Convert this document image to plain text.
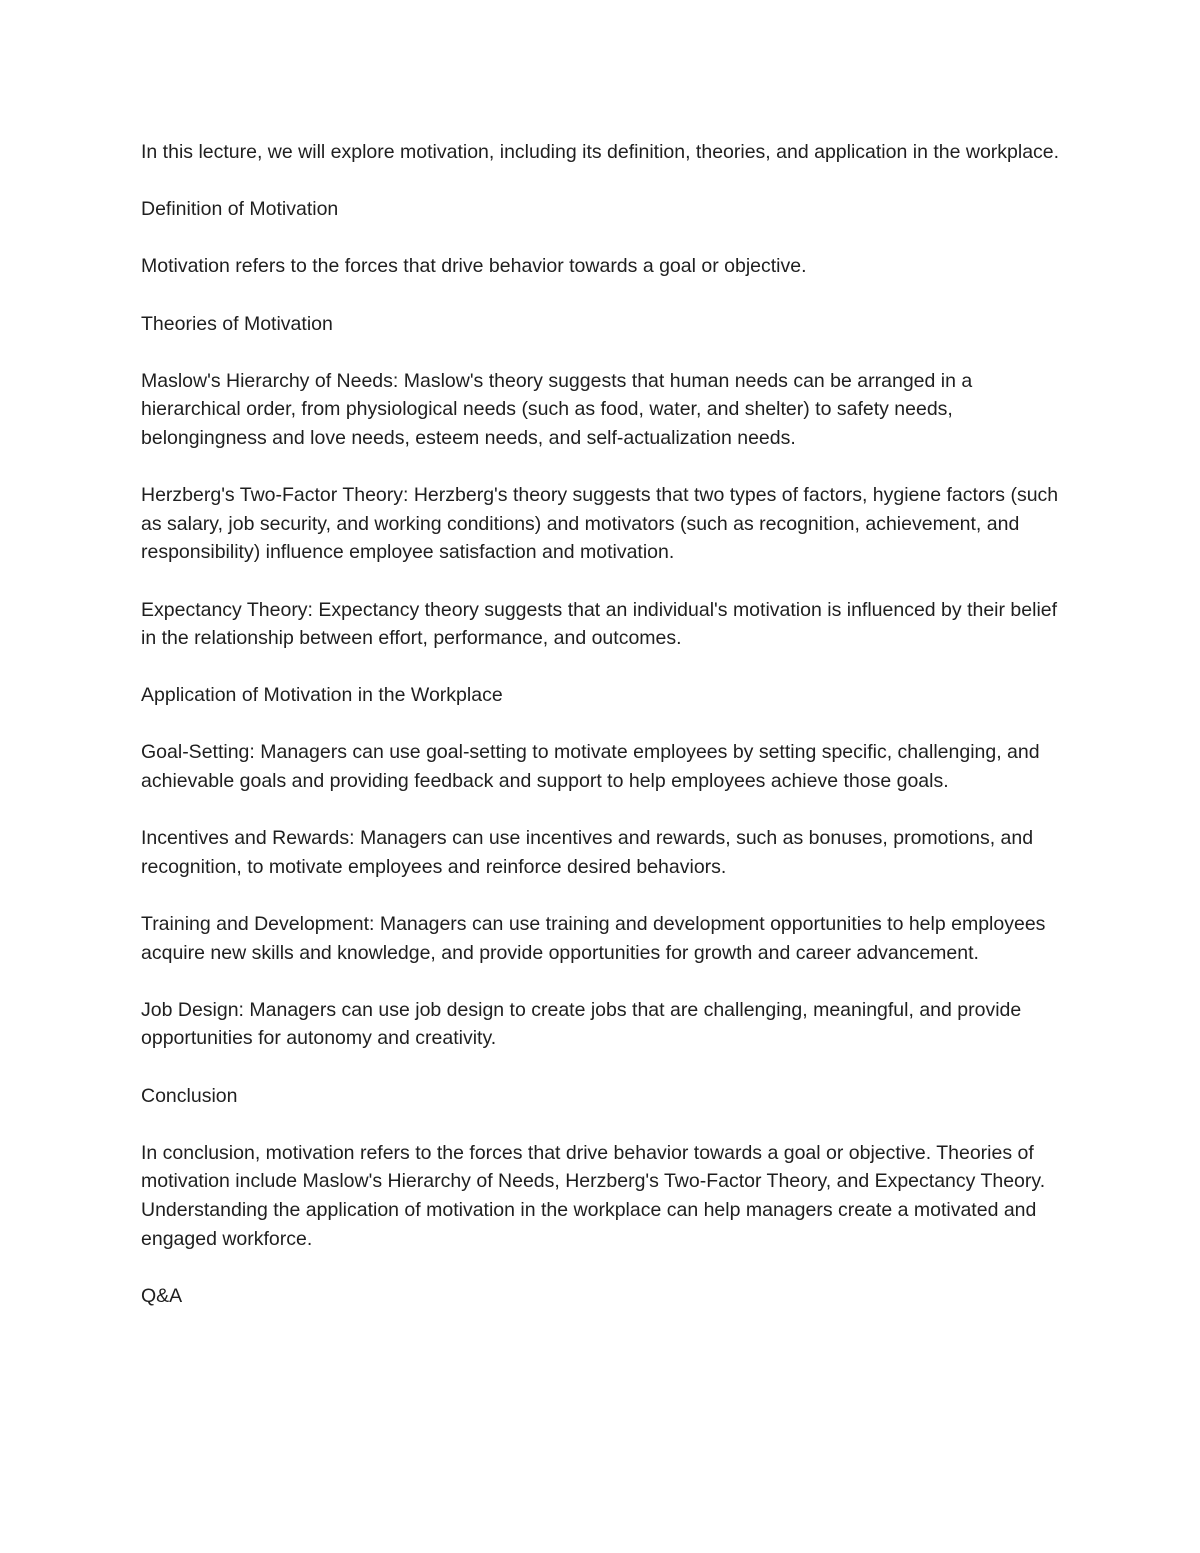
In this lecture, we will explore motivation, including its definition, theories, and application in the workplace.

Definition of Motivation

Motivation refers to the forces that drive behavior towards a goal or objective.

Theories of Motivation

Maslow's Hierarchy of Needs: Maslow's theory suggests that human needs can be arranged in a hierarchical order, from physiological needs (such as food, water, and shelter) to safety needs, belongingness and love needs, esteem needs, and self-actualization needs.

Herzberg's Two-Factor Theory: Herzberg's theory suggests that two types of factors, hygiene factors (such as salary, job security, and working conditions) and motivators (such as recognition, achievement, and responsibility) influence employee satisfaction and motivation.

Expectancy Theory: Expectancy theory suggests that an individual's motivation is influenced by their belief in the relationship between effort, performance, and outcomes.

Application of Motivation in the Workplace

Goal-Setting: Managers can use goal-setting to motivate employees by setting specific, challenging, and achievable goals and providing feedback and support to help employees achieve those goals.

Incentives and Rewards: Managers can use incentives and rewards, such as bonuses, promotions, and recognition, to motivate employees and reinforce desired behaviors.

Training and Development: Managers can use training and development opportunities to help employees acquire new skills and knowledge, and provide opportunities for growth and career advancement.

Job Design: Managers can use job design to create jobs that are challenging, meaningful, and provide opportunities for autonomy and creativity.

Conclusion

In conclusion, motivation refers to the forces that drive behavior towards a goal or objective. Theories of motivation include Maslow's Hierarchy of Needs, Herzberg's Two-Factor Theory, and Expectancy Theory. Understanding the application of motivation in the workplace can help managers create a motivated and engaged workforce.

Q&A
